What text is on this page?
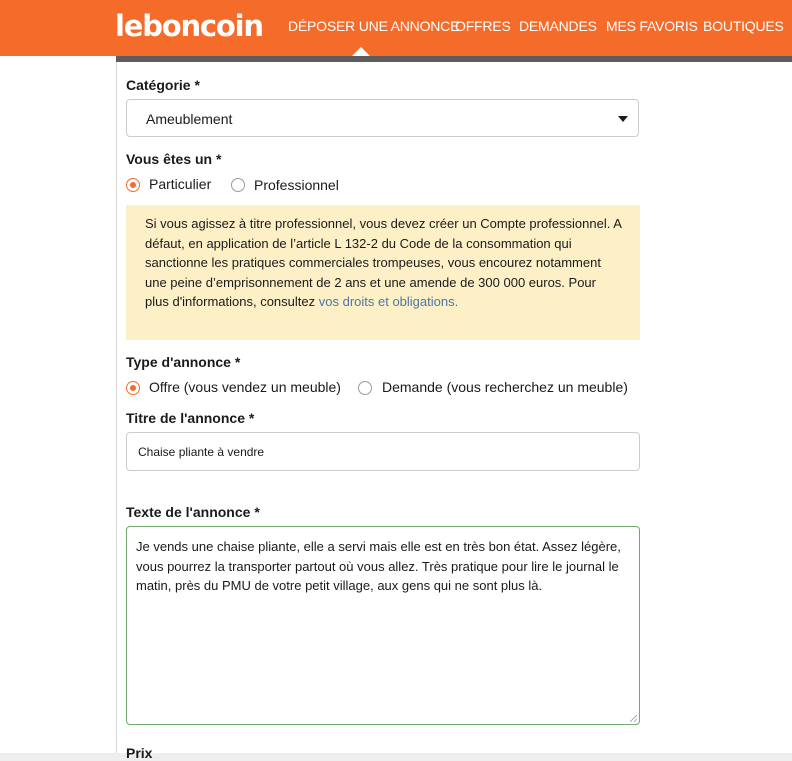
leboncoin DÉPOSER UNE ANNONCE
OFFRES DEMANDES MES FAVORIS BOUTIQUES
Catégorie *
Ameublement
Vous êtes un *
Particulier	Professionnel
Si vous agissez à titre professionnel, vous devez créer un Compte professionnel. A défaut, en application de l’article L 132-2 du Code de la consommation qui sanctionne les pratiques commerciales trompeuses, vous encourez notamment une peine d’emprisonnement de 2 ans et une amende de 300 000 euros. Pour plus d'informations, consultez vos droits et obligations.
Type d'annonce *
Offre (vous vendez un meuble)	Demande (vous recherchez un meuble)
Titre de l'annonce *
Chaise pliante à vendre
Texte de l'annonce *
Je vends une chaise pliante, elle a servi mais elle est en très bon état. Assez légère, vous pourrez la transporter partout où vous allez. Très pratique pour lire le journal le matin, près du PMU de votre petit village, aux gens qui ne sont plus là.
Prix
